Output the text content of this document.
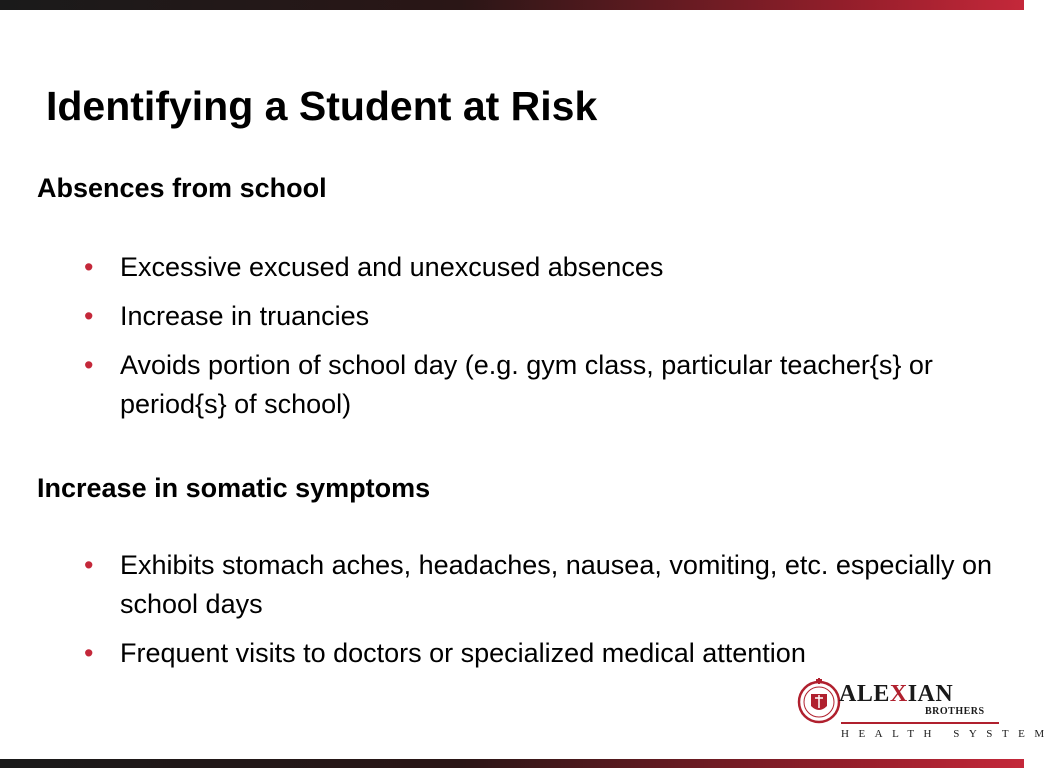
Identifying a Student at Risk
Absences from school
• Excessive excused and unexcused absences
• Increase in truancies
• Avoids portion of school day (e.g. gym class, particular teacher{s} or period{s} of school)
Increase in somatic symptoms
• Exhibits stomach aches, headaches, nausea, vomiting, etc. especially on school days
• Frequent visits to doctors or specialized medical attention
ALEXIAN
BROTHERS
HEALTH SYSTEM
